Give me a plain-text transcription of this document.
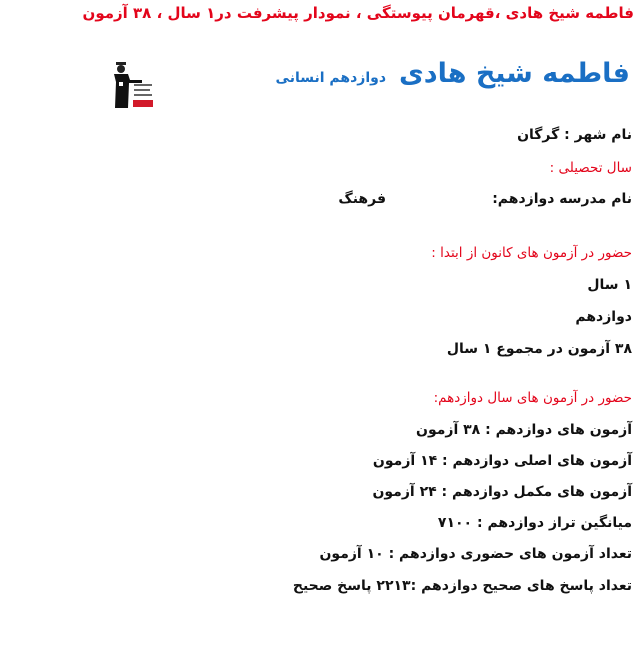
فاطمه شیخ هادی ،قهرمان پیوستگی ، نمودار پیشرفت در۱ سال ، ۳۸ آزمون
دوازدهم انسانی فاطمه شیخ هادی
نام شهر : گرگان
سال تحصیلی :
نام مدرسه دوازدهم:
فرهنگ
حضور در آزمون های کانون از ابتدا :
۱ سال
دوازدهم
۳۸ آزمون در مجموع ۱ سال
حضور در آزمون های سال دوازدهم:
آزمون های دوازدهم : ۳۸ آزمون
آزمون های اصلی دوازدهم : ۱۴ آزمون
آزمون های مکمل دوازدهم : ۲۴ آزمون
میانگین تراز دوازدهم : ۷۱۰۰
تعداد آزمون های حضوری دوازدهم : ۱۰ آزمون
تعداد پاسخ های صحیح دوازدهم :۲۲۱۳ پاسخ صحیح
